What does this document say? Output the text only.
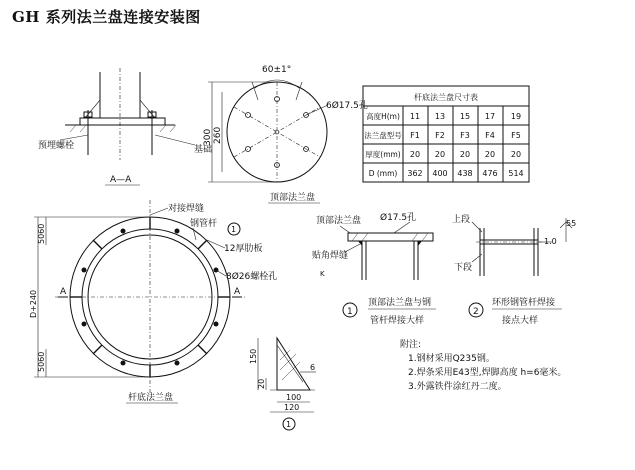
GH 系列法兰盘连接安装图
预埋螺栓	基础
A—A
60±1°
6Ø17.5孔
300 260
顶部法兰盘
杆底法兰盘尺寸表
高度H(m) 11 13 15 17 19
法兰盘型号 F1 F2 F3 F4 F5
厚度(mm) 20 20 20 20 20
D (mm) 362 400 438 476 514
A	A
5060
D+240
5060
对接焊缝
钢管杆
1
12厚肋板
8Ø26螺栓孔
杆底法兰盘
150
20
6
100
120
1
顶部法兰盘 Ø17.5孔
贴角焊缝
K
1
顶部法兰盘与钢
管杆焊接大样
上段
下段
55
1.0
2
环形钢管杆焊接
接点大样
附注:
1.钢材采用Q235钢。
2.焊条采用E43型,焊脚高度 h=6毫米。
3.外露铁件涂红丹二度。
